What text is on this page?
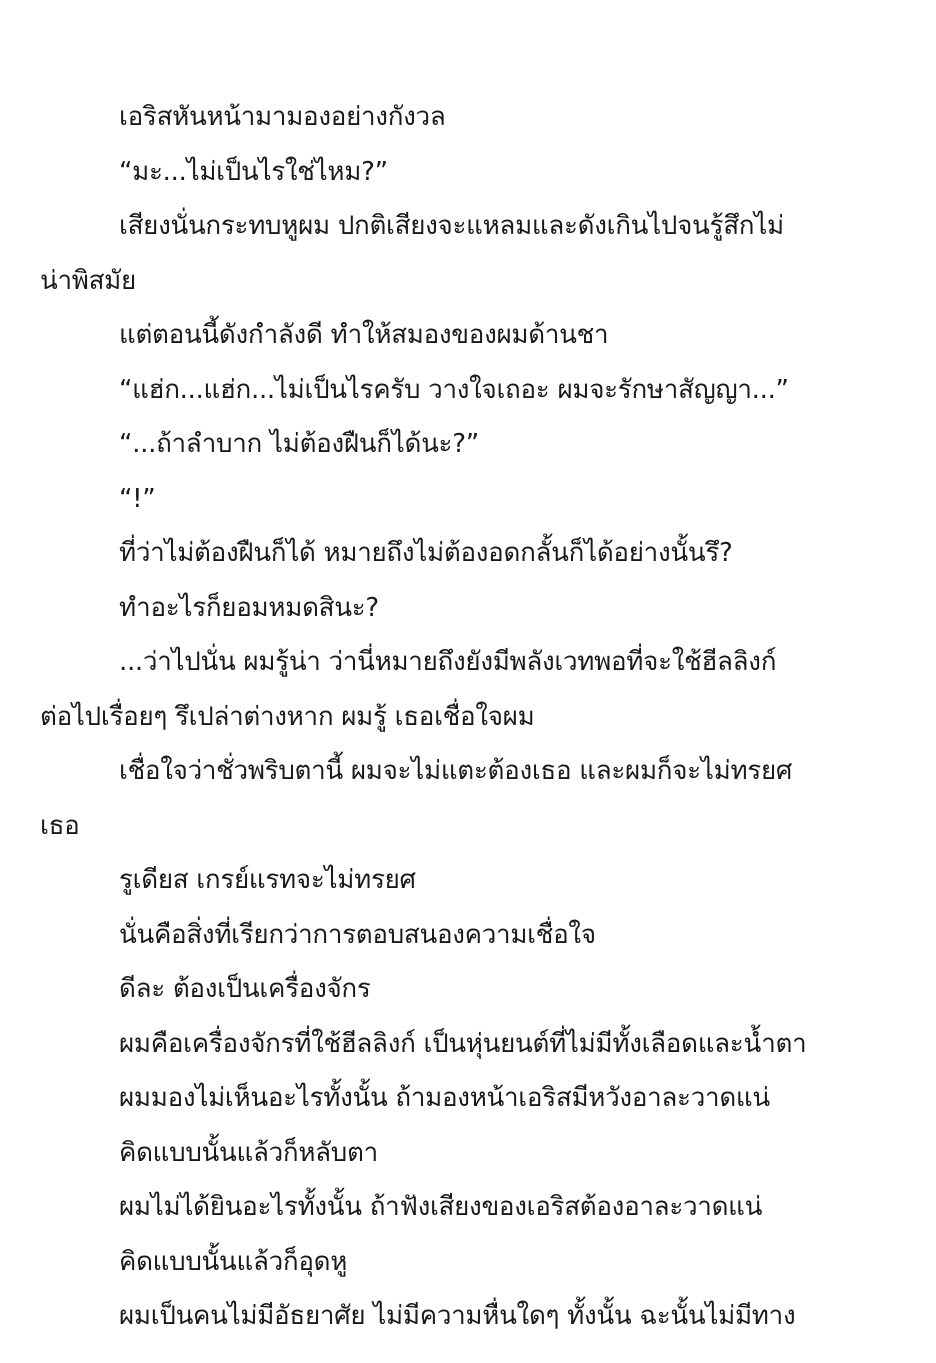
เอริสหันหน้ามามองอย่างกังวล
“มะ...ไม่เป็นไรใช่ไหม?”
เสียงนั่นกระทบหูผม ปกติเสียงจะแหลมและดังเกินไปจนรู้สึกไม่
น่าพิสมัย
แต่ตอนนี้ดังกำลังดี ทำให้สมองของผมด้านชา
“แฮ่ก...แฮ่ก...ไม่เป็นไรครับ วางใจเถอะ ผมจะรักษาสัญญา...”
“...ถ้าลำบาก ไม่ต้องฝืนก็ได้นะ?”
“!”
ที่ว่าไม่ต้องฝืนก็ได้ หมายถึงไม่ต้องอดกลั้นก็ได้อย่างนั้นรึ?
ทำอะไรก็ยอมหมดสินะ?
...ว่าไปนั่น ผมรู้น่า ว่านี่หมายถึงยังมีพลังเวทพอที่จะใช้ฮีลลิงก์
ต่อไปเรื่อยๆ รึเปล่าต่างหาก ผมรู้ เธอเชื่อใจผม
เชื่อใจว่าชั่วพริบตานี้ ผมจะไม่แตะต้องเธอ และผมก็จะไม่ทรยศ
เธอ
รูเดียส เกรย์แรทจะไม่ทรยศ
นั่นคือสิ่งที่เรียกว่าการตอบสนองความเชื่อใจ
ดีละ ต้องเป็นเครื่องจักร
ผมคือเครื่องจักรที่ใช้ฮีลลิงก์ เป็นหุ่นยนต์ที่ไม่มีทั้งเลือดและน้ำตา
ผมมองไม่เห็นอะไรทั้งนั้น ถ้ามองหน้าเอริสมีหวังอาละวาดแน่
คิดแบบนั้นแล้วก็หลับตา
ผมไม่ได้ยินอะไรทั้งนั้น ถ้าฟังเสียงของเอริสต้องอาละวาดแน่
คิดแบบนั้นแล้วก็อุดหู
ผมเป็นคนไม่มีอัธยาศัย ไม่มีความหื่นใดๆ ทั้งนั้น ฉะนั้นไม่มีทาง
